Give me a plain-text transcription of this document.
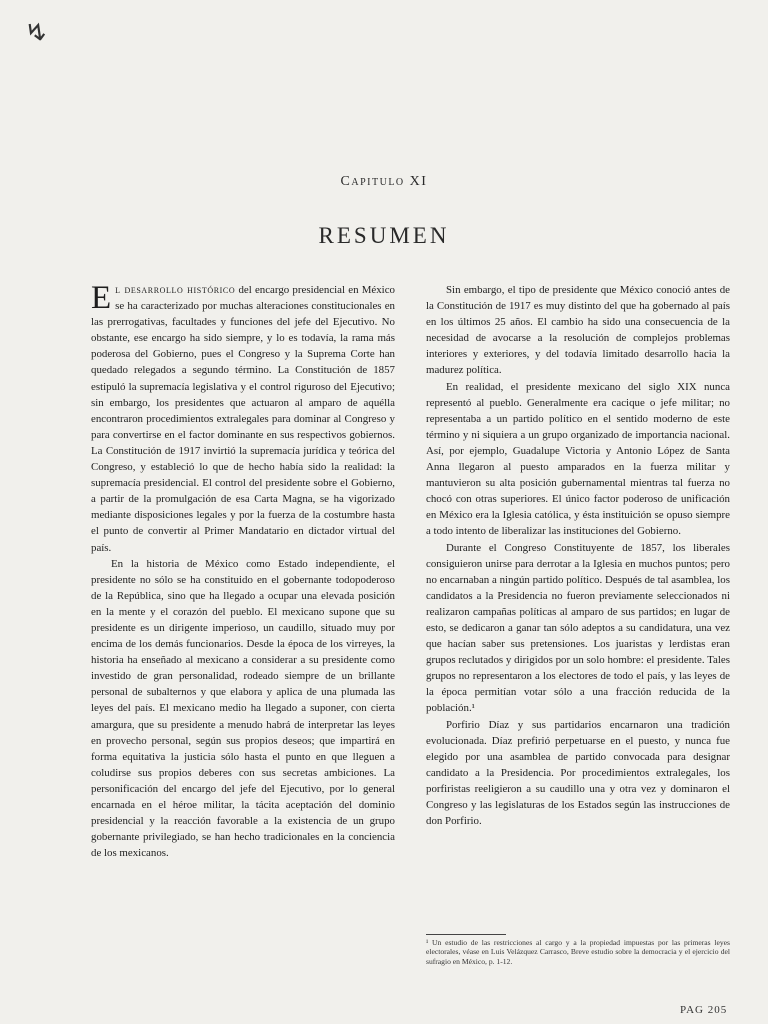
↯
Capitulo XI
RESUMEN

El desarrollo histórico del encargo presidencial en México se ha caracterizado por muchas alteraciones constitucionales en las prerrogativas, facultades y funciones del jefe del Ejecutivo. No obstante, ese encargo ha sido siempre, y lo es todavía, la rama más poderosa del Gobierno, pues el Congreso y la Suprema Corte han quedado relegados a segundo término. La Constitución de 1857 estipuló la supremacía legislativa y el control riguroso del Ejecutivo; sin embargo, los presidentes que actuaron al amparo de aquélla encontraron procedimientos extralegales para dominar al Congreso y para convertirse en el factor dominante en sus respectivos gobiernos. La Constitución de 1917 invirtió la supremacía jurídica y teórica del Congreso, y estableció lo que de hecho había sido la realidad: la supremacía presidencial. El control del presidente sobre el Gobierno, a partir de la promulgación de esa Carta Magna, se ha vigorizado mediante disposiciones legales y por la fuerza de la costumbre hasta el punto de convertir al Primer Mandatario en dictador virtual del país.

En la historia de México como Estado independiente, el presidente no sólo se ha constituido en el gobernante todopoderoso de la República, sino que ha llegado a ocupar una elevada posición en la mente y el corazón del pueblo. El mexicano supone que su presidente es un dirigente imperioso, un caudillo, situado muy por encima de los demás funcionarios. Desde la época de los virreyes, la historia ha enseñado al mexicano a considerar a su presidente como investido de gran personalidad, rodeado siempre de un brillante personal de subalternos y que elabora y aplica de una plumada las leyes del país. El mexicano medio ha llegado a suponer, con cierta amargura, que su presidente a menudo habrá de interpretar las leyes en provecho personal, según sus propios deseos; que impartirá en forma equitativa la justicia sólo hasta el punto en que lleguen a coludirse sus propios deberes con sus secretas ambiciones. La personificación del encargo del jefe del Ejecutivo, por lo general encarnada en el héroe militar, la tácita aceptación del dominio presidencial y la reacción favorable a la existencia de un grupo gobernante privilegiado, se han hecho tradicionales en la conciencia de los mexicanos.

Sin embargo, el tipo de presidente que México conoció antes de la Constitución de 1917 es muy distinto del que ha gobernado al país en los últimos 25 años. El cambio ha sido una consecuencia de la necesidad de avocarse a la resolución de complejos problemas interiores y exteriores, y del todavía limitado desarrollo hacia la madurez política.

En realidad, el presidente mexicano del siglo XIX nunca representó al pueblo. Generalmente era cacique o jefe militar; no representaba a un partido político en el sentido moderno de este término y ni siquiera a un grupo organizado de importancia nacional. Así, por ejemplo, Guadalupe Victoria y Antonio López de Santa Anna llegaron al puesto amparados en la fuerza militar y mantuvieron su alta posición gubernamental mientras tal fuerza no chocó con otras superiores. El único factor poderoso de unificación en México era la Iglesia católica, y ésta instituición se opuso siempre a todo intento de liberalizar las instituciones del Gobierno.

Durante el Congreso Constituyente de 1857, los liberales consiguieron unirse para derrotar a la Iglesia en muchos puntos; pero no encarnaban a ningún partido político. Después de tal asamblea, los candidatos a la Presidencia no fueron previamente seleccionados ni realizaron campañas políticas al amparo de sus partidos; en lugar de esto, se dedicaron a ganar tan sólo adeptos a su candidatura, una vez que hacían saber sus pretensiones. Los juaristas y lerdistas eran grupos reclutados y dirigidos por un solo hombre: el presidente. Tales grupos no representaron a los electores de todo el país, y las leyes de la época permitían votar sólo a una fracción reducida de la población.¹

Porfirio Díaz y sus partidarios encarnaron una tradición evolucionada. Díaz prefirió perpetuarse en el puesto, y nunca fue elegido por una asamblea de partido convocada para designar candidato a la Presidencia. Por procedimientos extralegales, los porfiristas reeligieron a su caudillo una y otra vez y dominaron el Congreso y las legislaturas de los Estados según las instrucciones de don Porfirio.

¹ Un estudio de las restricciones al cargo y a la propiedad impuestas por las primeras leyes electorales, véase en Luis Velázquez Carrasco, Breve estudio sobre la democracia y el ejercicio del sufragio en México, p. 1-12.
PAG 205
